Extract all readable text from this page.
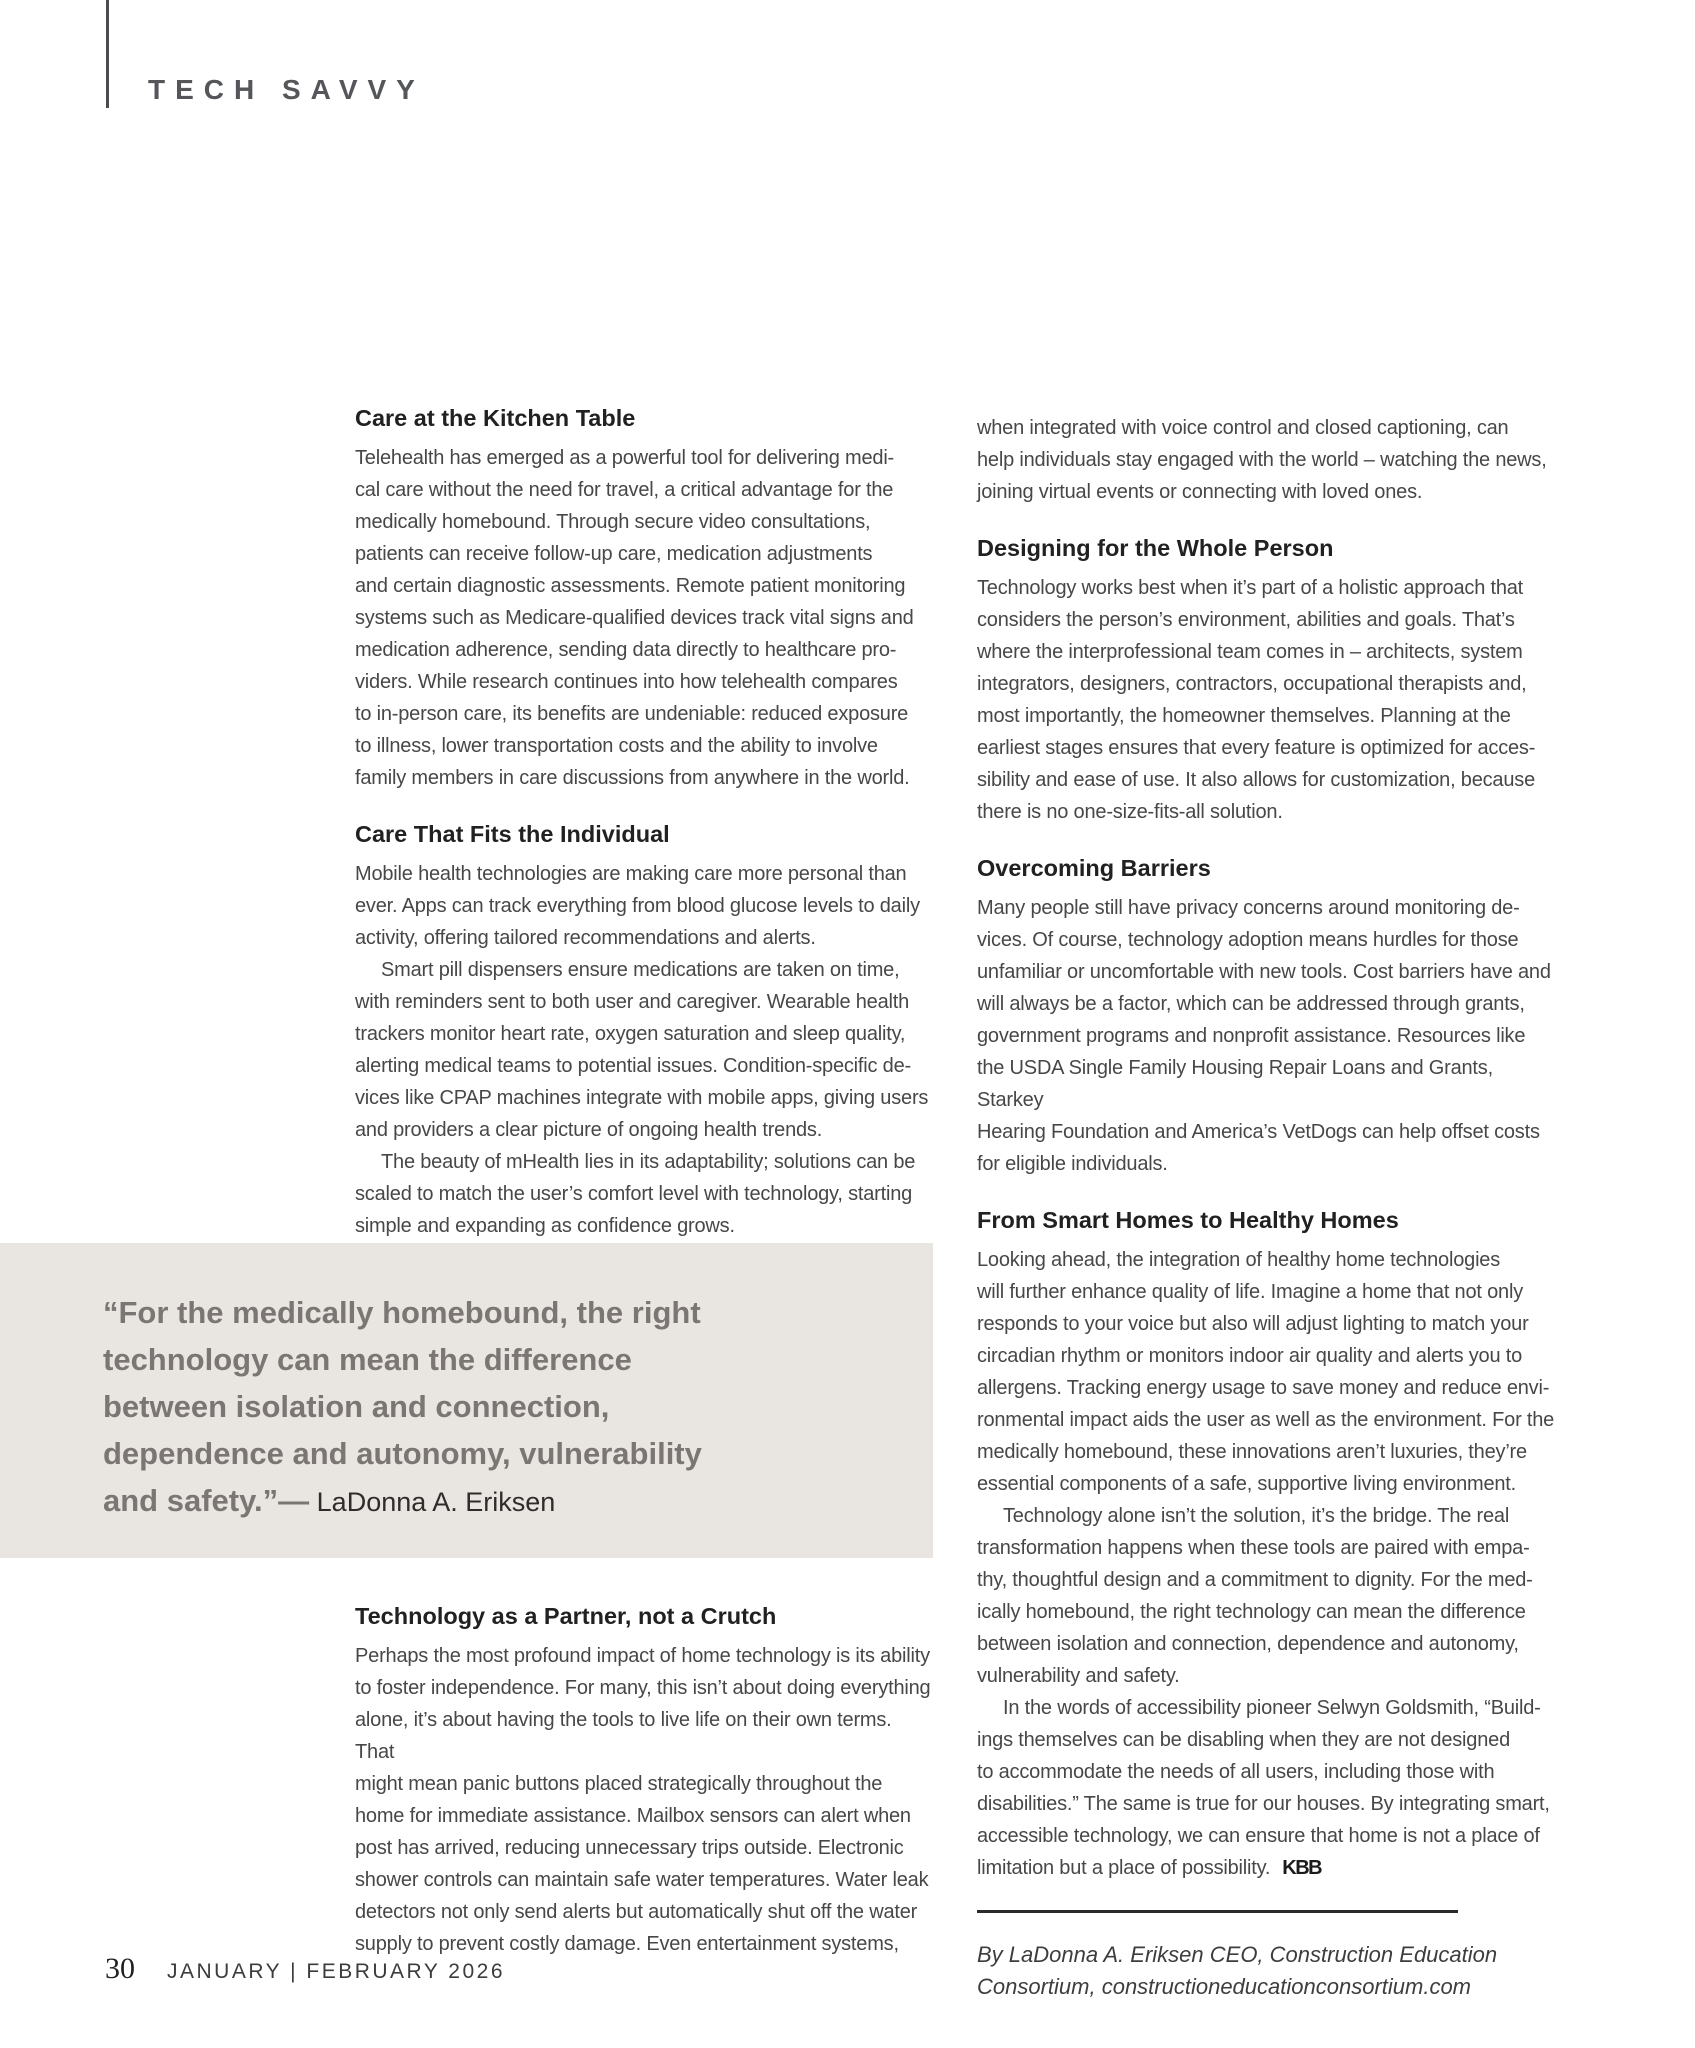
TECH SAVVY
Care at the Kitchen Table

Telehealth has emerged as a powerful tool for delivering medi-
cal care without the need for travel, a critical advantage for the
medically homebound. Through secure video consultations,
patients can receive follow-up care, medication adjustments
and certain diagnostic assessments. Remote patient monitoring
systems such as Medicare-qualified devices track vital signs and
medication adherence, sending data directly to healthcare pro-
viders. While research continues into how telehealth compares
to in-person care, its benefits are undeniable: reduced exposure
to illness, lower transportation costs and the ability to involve
family members in care discussions from anywhere in the world.

Care That Fits the Individual

Mobile health technologies are making care more personal than
ever. Apps can track everything from blood glucose levels to daily
activity, offering tailored recommendations and alerts.

Smart pill dispensers ensure medications are taken on time,
with reminders sent to both user and caregiver. Wearable health
trackers monitor heart rate, oxygen saturation and sleep quality,
alerting medical teams to potential issues. Condition-specific de-
vices like CPAP machines integrate with mobile apps, giving users
and providers a clear picture of ongoing health trends.

The beauty of mHealth lies in its adaptability; solutions can be
scaled to match the user’s comfort level with technology, starting
simple and expanding as confidence grows.

“For the medically homebound, the right
technology can mean the difference
between isolation and connection,
dependence and autonomy, vulnerability
and safety.”— LaDonna A. Eriksen

Technology as a Partner, not a Crutch

Perhaps the most profound impact of home technology is its ability
to foster independence. For many, this isn’t about doing everything
alone, it’s about having the tools to live life on their own terms. That
might mean panic buttons placed strategically throughout the
home for immediate assistance. Mailbox sensors can alert when
post has arrived, reducing unnecessary trips outside. Electronic
shower controls can maintain safe water temperatures. Water leak
detectors not only send alerts but automatically shut off the water
supply to prevent costly damage. Even entertainment systems,

when integrated with voice control and closed captioning, can
help individuals stay engaged with the world – watching the news,
joining virtual events or connecting with loved ones.

Designing for the Whole Person

Technology works best when it’s part of a holistic approach that
considers the person’s environment, abilities and goals. That’s
where the interprofessional team comes in – architects, system
integrators, designers, contractors, occupational therapists and,
most importantly, the homeowner themselves. Planning at the
earliest stages ensures that every feature is optimized for acces-
sibility and ease of use. It also allows for customization, because
there is no one-size-fits-all solution.

Overcoming Barriers

Many people still have privacy concerns around monitoring de-
vices. Of course, technology adoption means hurdles for those
unfamiliar or uncomfortable with new tools. Cost barriers have and
will always be a factor, which can be addressed through grants,
government programs and nonprofit assistance. Resources like
the USDA Single Family Housing Repair Loans and Grants, Starkey
Hearing Foundation and America’s VetDogs can help offset costs
for eligible individuals.

From Smart Homes to Healthy Homes

Looking ahead, the integration of healthy home technologies
will further enhance quality of life. Imagine a home that not only
responds to your voice but also will adjust lighting to match your
circadian rhythm or monitors indoor air quality and alerts you to
allergens. Tracking energy usage to save money and reduce envi-
ronmental impact aids the user as well as the environment. For the
medically homebound, these innovations aren’t luxuries, they’re
essential components of a safe, supportive living environment.

Technology alone isn’t the solution, it’s the bridge. The real
transformation happens when these tools are paired with empa-
thy, thoughtful design and a commitment to dignity. For the med-
ically homebound, the right technology can mean the difference
between isolation and connection, dependence and autonomy,
vulnerability and safety.

In the words of accessibility pioneer Selwyn Goldsmith, “Build-
ings themselves can be disabling when they are not designed
to accommodate the needs of all users, including those with
disabilities.” The same is true for our houses. By integrating smart,
accessible technology, we can ensure that home is not a place of
limitation but a place of possibility. KBB

By LaDonna A. Eriksen CEO, Construction Education
Consortium, constructioneducationconsortium.com

30 JANUARY | FEBRUARY 2026
